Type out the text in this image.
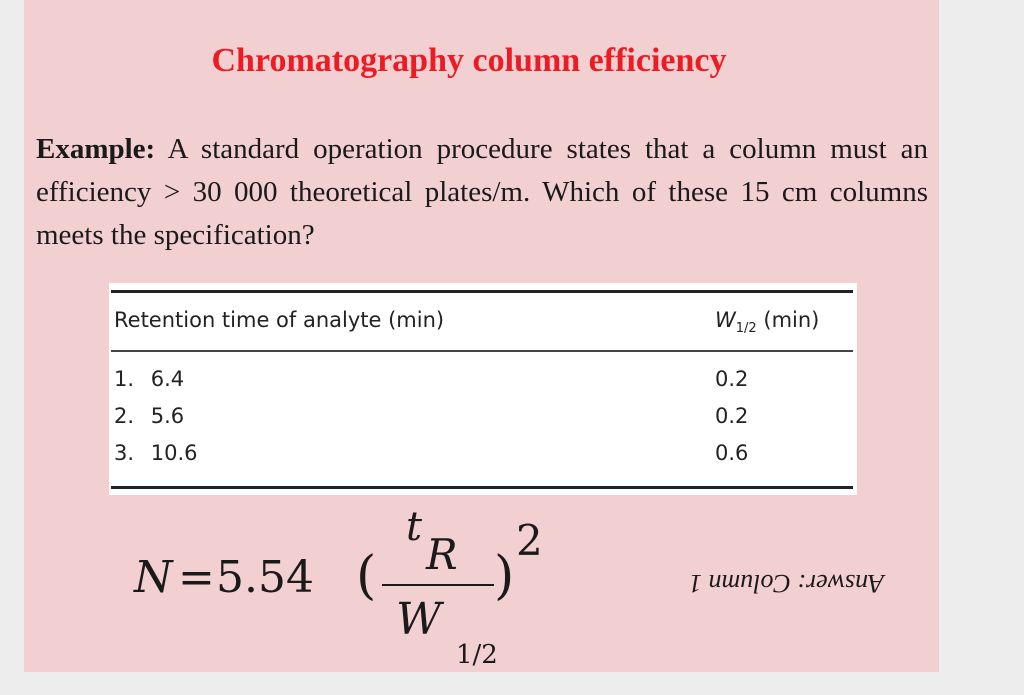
Chromatography column efficiency
Example: A standard operation procedure states that a column must an efficiency > 30 000 theoretical plates/m. Which of these 15 cm columns meets the specification?
Retention time of analyte (min)	$W_{1/2}$ (min)
1. 6.4	0.2
2. 5.6	0.2
3. 10.6	0.6
N = 5.54 (
t
R
W
1/2
)
2
Answer: Column 1
